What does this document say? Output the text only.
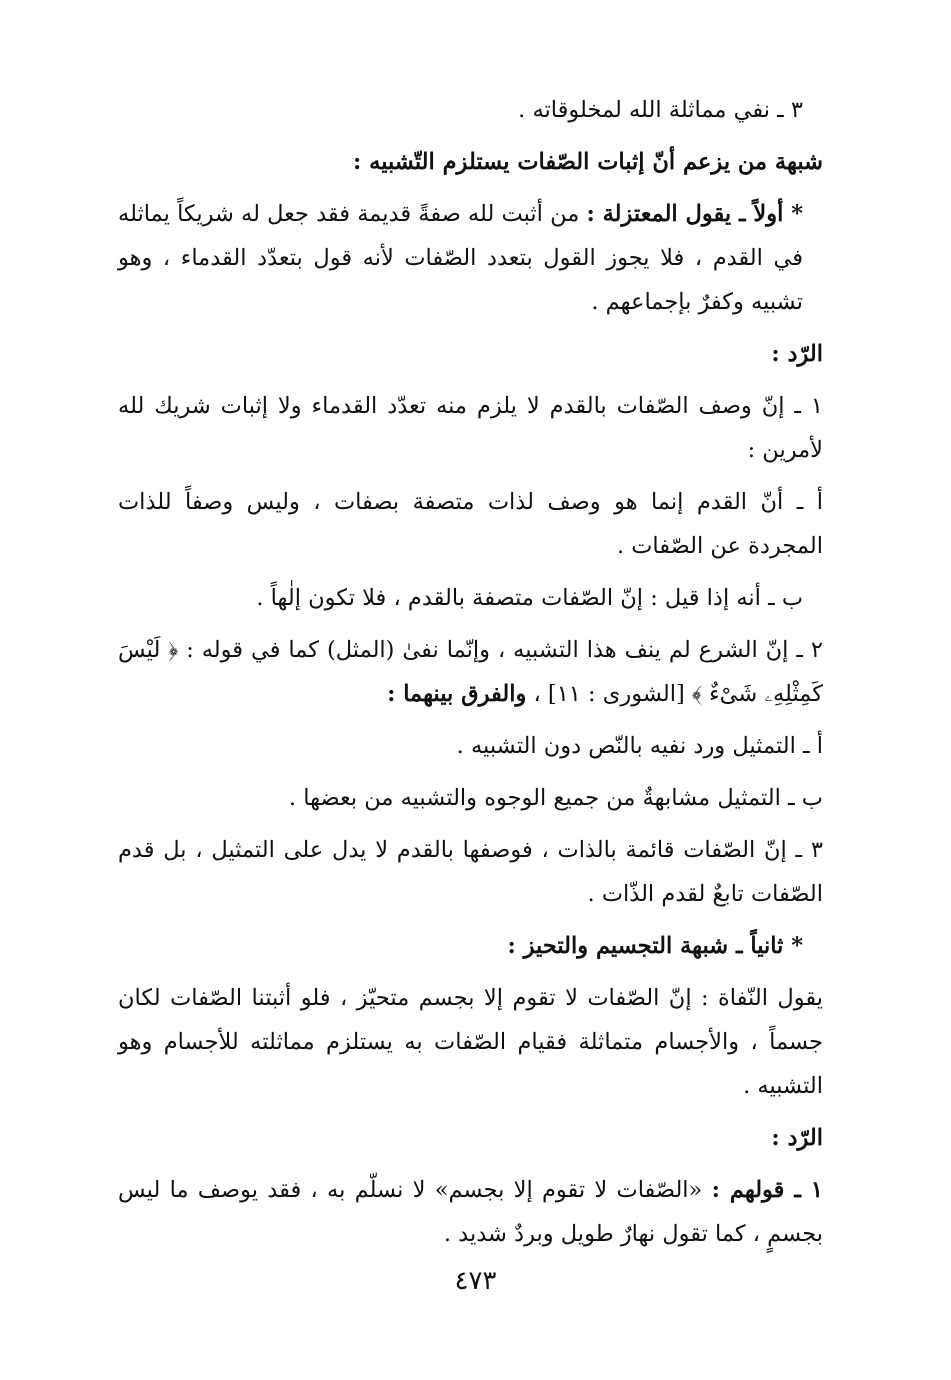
٣ ـ نفي مماثلة الله لمخلوقاته .

شبهة من يزعم أنّ إثبات الصّفات يستلزم التّشبيه :

* أولاً ـ يقول المعتزلة : من أثبت لله صفةً قديمة فقد جعل له شريكاً يماثله في القدم ، فلا يجوز القول بتعدد الصّفات لأنه قول بتعدّد القدماء ، وهو تشبيه وكفرٌ بإجماعهم .

الرّد :

١ ـ إنّ وصف الصّفات بالقدم لا يلزم منه تعدّد القدماء ولا إثبات شريك لله لأمرين :

أ ـ أنّ القدم إنما هو وصف لذات متصفة بصفات ، وليس وصفاً للذات المجردة عن الصّفات .

ب ـ أنه إذا قيل : إنّ الصّفات متصفة بالقدم ، فلا تكون إلٰهاً .

٢ ـ إنّ الشرع لم ينف هذا التشبيه ، وإنّما نفىٰ (المثل) كما في قوله : ﴿ لَيْسَ كَمِثْلِهِۦ شَىْءٌ ﴾ [الشورى : ١١] ، والفرق بينهما :

أ ـ التمثيل ورد نفيه بالنّص دون التشبيه .

ب ـ التمثيل مشابهةٌ من جميع الوجوه والتشبيه من بعضها .

٣ ـ إنّ الصّفات قائمة بالذات ، فوصفها بالقدم لا يدل على التمثيل ، بل قدم الصّفات تابعٌ لقدم الذّات .

* ثانياً ـ شبهة التجسيم والتحيز :

يقول النّفاة : إنّ الصّفات لا تقوم إلا بجسم متحيّز ، فلو أثبتنا الصّفات لكان جسماً ، والأجسام متماثلة فقيام الصّفات به يستلزم مماثلته للأجسام وهو التشبيه .

الرّد :

١ ـ قولهم : «الصّفات لا تقوم إلا بجسم» لا نسلّم به ، فقد يوصف ما ليس بجسمٍ ، كما تقول نهارٌ طويل وبردٌ شديد .

٤٧٣
